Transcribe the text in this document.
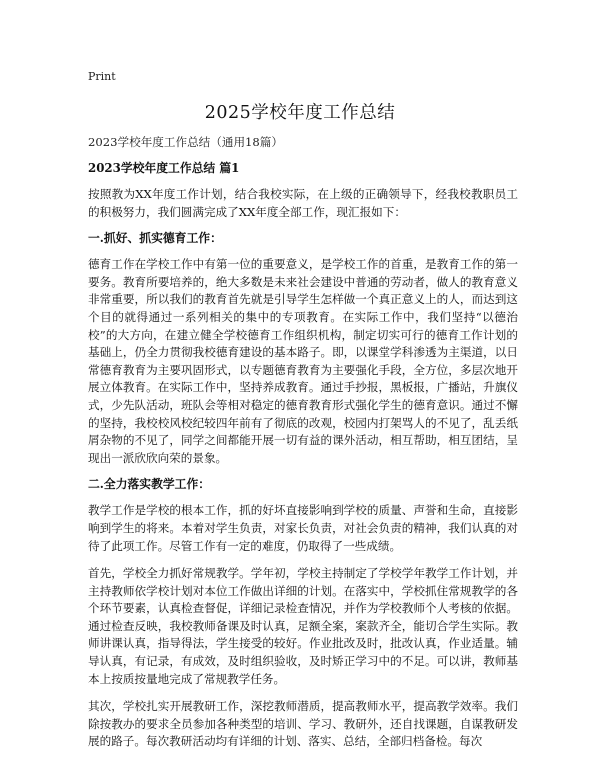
Print
2025学校年度工作总结
2023学校年度工作总结（通用18篇）
2023学校年度工作总结 篇1
按照教为XX年度工作计划，结合我校实际，在上级的正确领导下，经我校教职员工的积极努力，我们圆满完成了XX年度全部工作，现汇报如下：
一.抓好、抓实德育工作：
德育工作在学校工作中有第一位的重要意义，是学校工作的首重，是教育工作的第一要务。教育所要培养的，绝大多数是未来社会建设中普通的劳动者，做人的教育意义非常重要，所以我们的教育首先就是引导学生怎样做一个真正意义上的人，而达到这个目的就得通过一系列相关的集中的专项教育。在实际工作中，我们坚持“以德治校”的大方向，在建立健全学校德育工作组织机构，制定切实可行的德育工作计划的基础上，仍全力贯彻我校德育建设的基本路子。即，以课堂学科渗透为主渠道，以日常德育教育为主要巩固形式，以专题德育教育为主要强化手段，全方位，多层次地开展立体教育。在实际工作中，坚持养成教育。通过手抄报，黑板报，广播站，升旗仪式，少先队活动，班队会等相对稳定的德育教育形式强化学生的德育意识。通过不懈的坚持，我校校风校纪较四年前有了彻底的改观，校园内打架骂人的不见了，乱丢纸屑杂物的不见了，同学之间都能开展一切有益的课外活动，相互帮助，相互团结，呈现出一派欣欣向荣的景象。
二.全力落实教学工作：
教学工作是学校的根本工作，抓的好坏直接影响到学校的质量、声誉和生命，直接影响到学生的将来。本着对学生负责，对家长负责，对社会负责的精神，我们认真的对待了此项工作。尽管工作有一定的难度，仍取得了一些成绩。
首先，学校全力抓好常规教学。学年初，学校主持制定了学校学年教学工作计划，并主持教师依学校计划对本位工作做出详细的计划。在落实中，学校抓住常规教学的各个环节要素，认真检查督促，详细记录检查情况，并作为学校教师个人考核的依据。通过检查反映，我校教师备课及时认真，足额全案，案款齐全，能切合学生实际。教师讲课认真，指导得法，学生接受的较好。作业批改及时，批改认真，作业适量。辅导认真，有记录，有成效，及时组织验收，及时矫正学习中的不足。可以讲，教师基本上按质按量地完成了常规教学任务。
其次，学校扎实开展教研工作，深挖教师潜质，提高教师水平，提高教学效率。我们除按教办的要求全员参加各种类型的培训、学习、教研外，还自找课题，自谋教研发展的路子。每次教研活动均有详细的计划、落实、总结，全部归档备检。每次
